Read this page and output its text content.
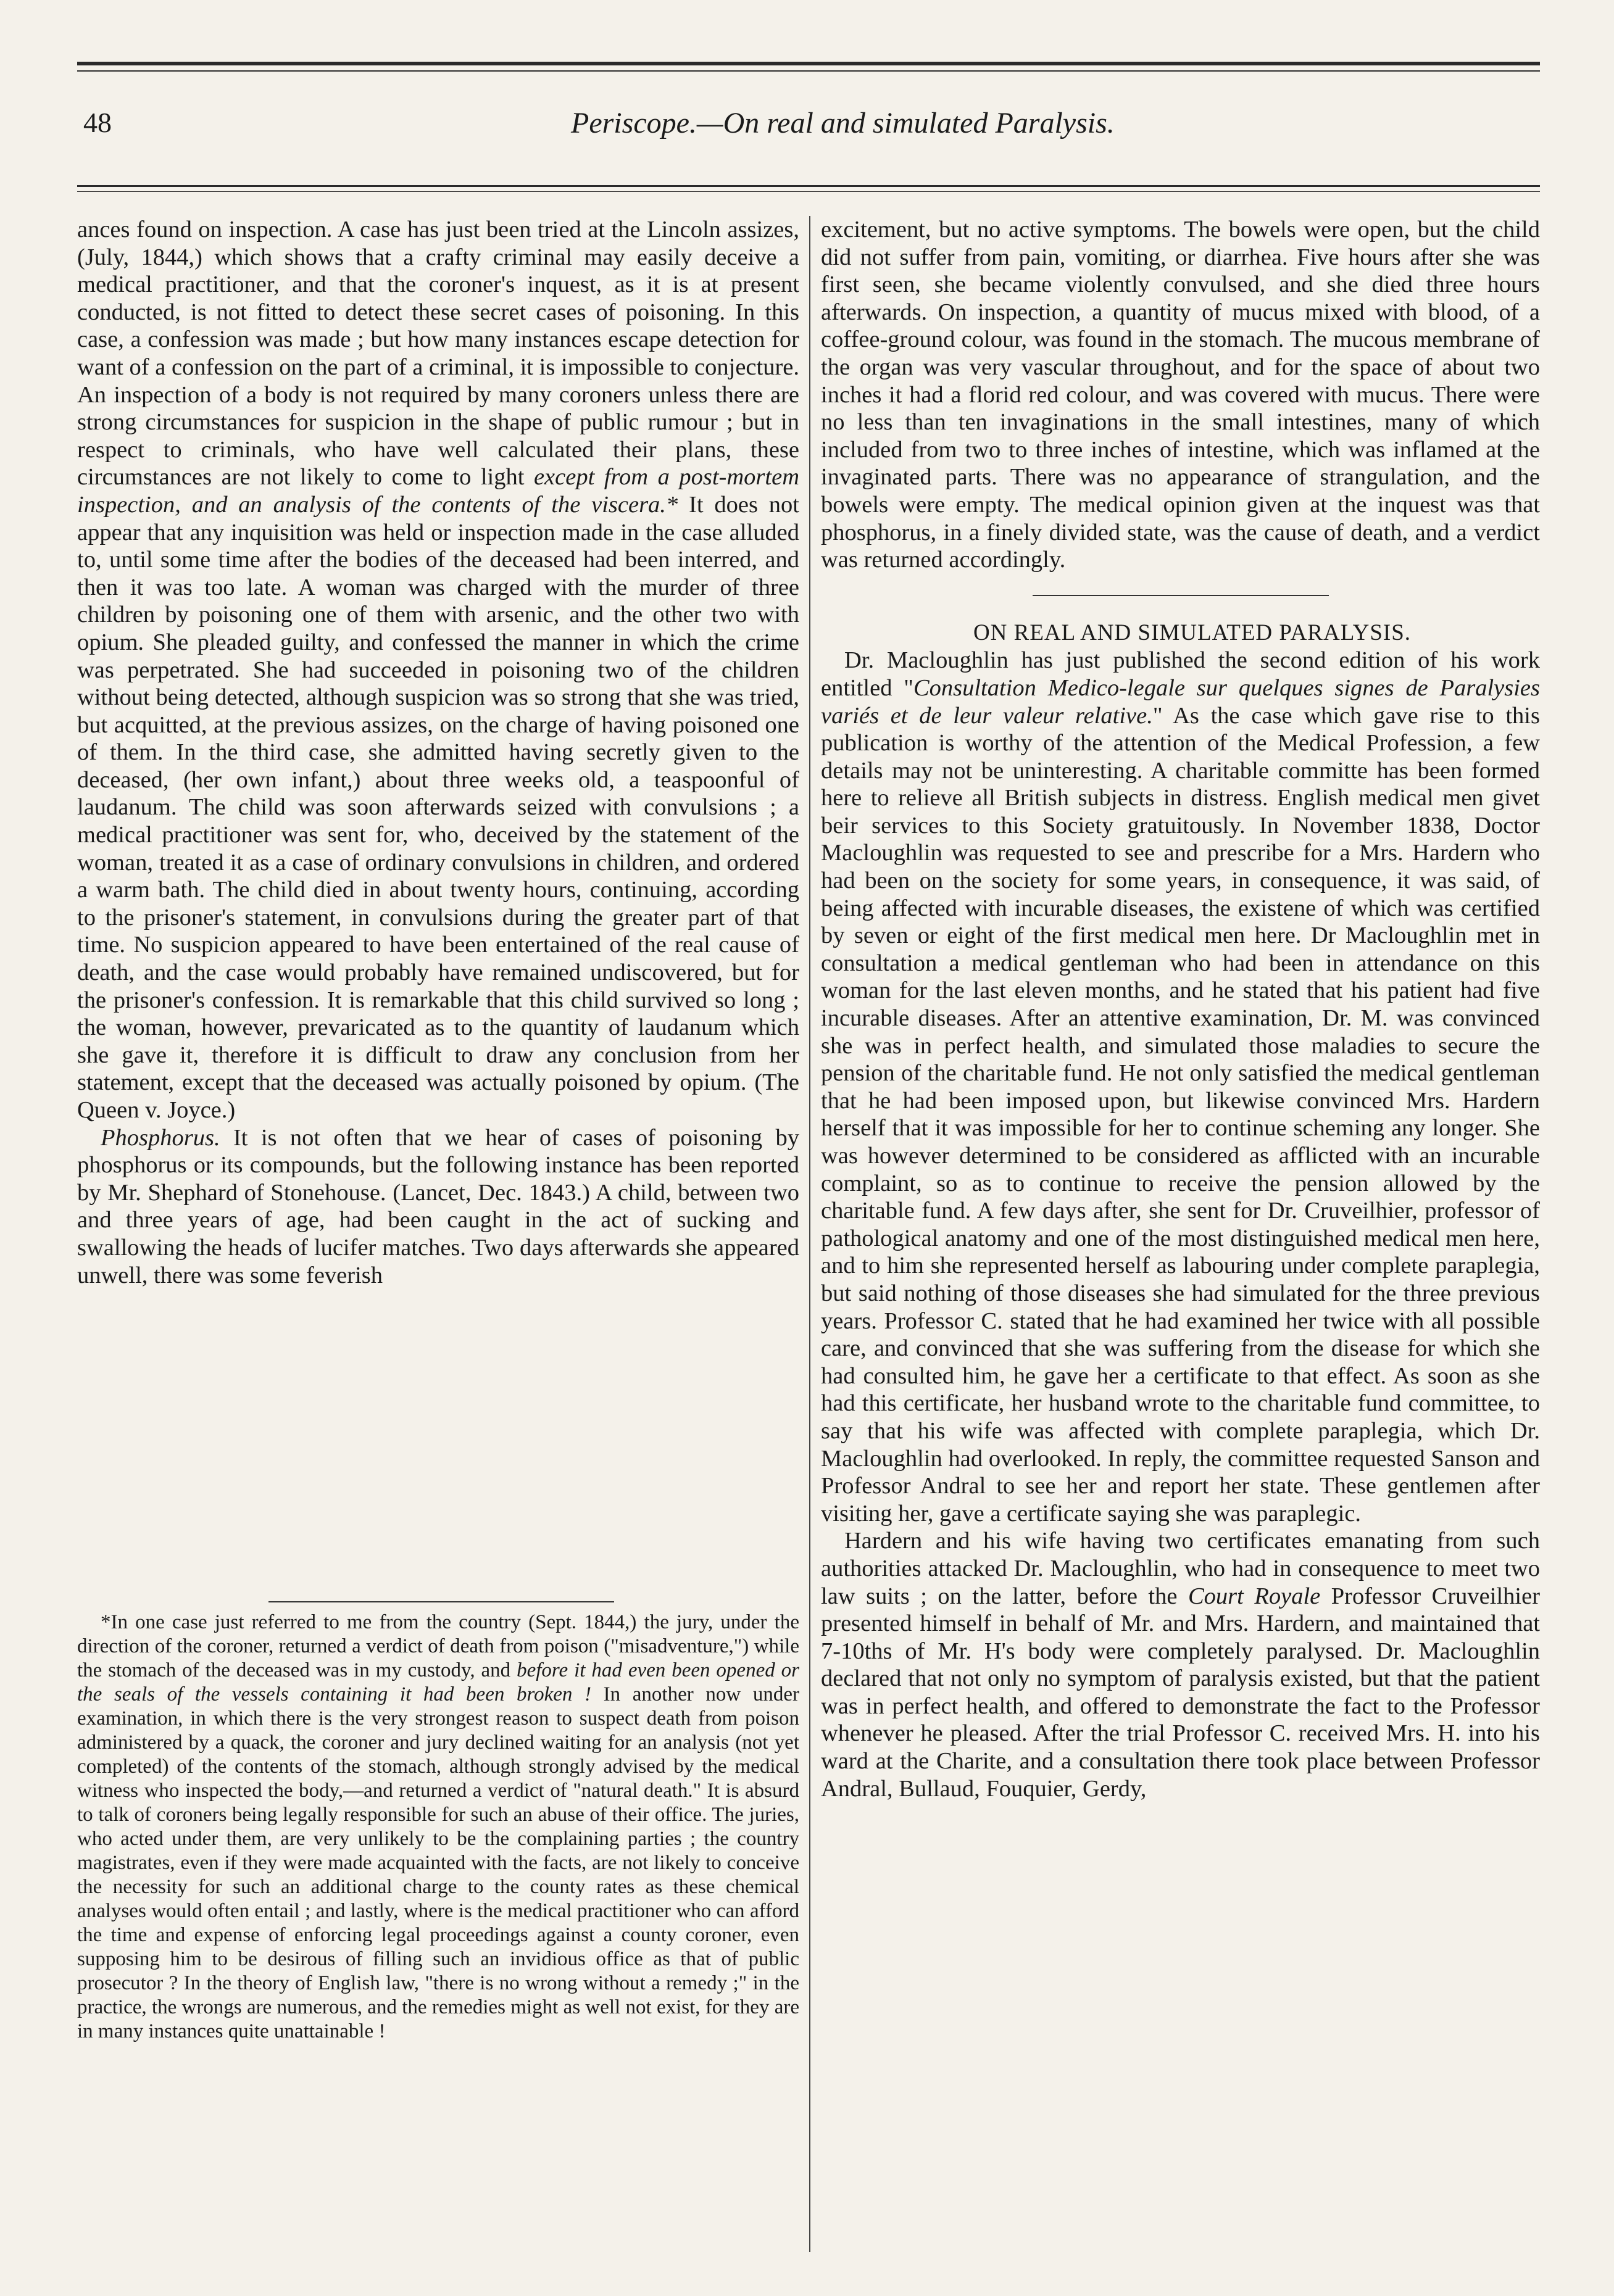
48	Periscope.—On real and simulated Paralysis.

ances found on inspection. A case has just been tried at the Lincoln assizes, (July, 1844,) which shows that a crafty criminal may easily deceive a medical practitioner, and that the coroner's inquest, as it is at present conducted, is not fitted to detect these secret cases of poisoning. In this case, a confession was made ; but how many instances escape detection for want of a confession on the part of a criminal, it is impossible to conjecture. An inspection of a body is not required by many coroners unless there are strong circumstances for suspicion in the shape of public rumour ; but in respect to criminals, who have well calculated their plans, these circumstances are not likely to come to light except from a post-mortem inspection, and an analysis of the contents of the viscera.* It does not appear that any inquisition was held or inspection made in the case alluded to, until some time after the bodies of the deceased had been interred, and then it was too late. A woman was charged with the murder of three children by poisoning one of them with arsenic, and the other two with opium. She pleaded guilty, and confessed the manner in which the crime was perpetrated. She had succeeded in poisoning two of the children without being detected, although suspicion was so strong that she was tried, but acquitted, at the previous assizes, on the charge of having poisoned one of them. In the third case, she admitted having secretly given to the deceased, (her own infant,) about three weeks old, a teaspoonful of laudanum. The child was soon afterwards seized with convulsions ; a medical practitioner was sent for, who, deceived by the statement of the woman, treated it as a case of ordinary convulsions in children, and ordered a warm bath. The child died in about twenty hours, continuing, according to the prisoner's statement, in convulsions during the greater part of that time. No suspicion appeared to have been entertained of the real cause of death, and the case would probably have remained undiscovered, but for the prisoner's confession. It is remarkable that this child survived so long ; the woman, however, prevaricated as to the quantity of laudanum which she gave it, therefore it is difficult to draw any conclusion from her statement, except that the deceased was actually poisoned by opium. (The Queen v. Joyce.)

Phosphorus. It is not often that we hear of cases of poisoning by phosphorus or its compounds, but the following instance has been reported by Mr. Shephard of Stonehouse. (Lancet, Dec. 1843.) A child, between two and three years of age, had been caught in the act of sucking and swallowing the heads of lucifer matches. Two days afterwards she appeared unwell, there was some feverish

*In one case just referred to me from the country (Sept. 1844,) the jury, under the direction of the coroner, returned a verdict of death from poison ("misadventure,") while the stomach of the deceased was in my custody, and before it had even been opened or the seals of the vessels containing it had been broken ! In another now under examination, in which there is the very strongest reason to suspect death from poison administered by a quack, the coroner and jury declined waiting for an analysis (not yet completed) of the contents of the stomach, although strongly advised by the medical witness who inspected the body,—and returned a verdict of "natural death." It is absurd to talk of coroners being legally responsible for such an abuse of their office. The juries, who acted under them, are very unlikely to be the complaining parties ; the country magistrates, even if they were made acquainted with the facts, are not likely to conceive the necessity for such an additional charge to the county rates as these chemical analyses would often entail ; and lastly, where is the medical practitioner who can afford the time and expense of enforcing legal proceedings against a county coroner, even supposing him to be desirous of filling such an invidious office as that of public prosecutor ? In the theory of English law, "there is no wrong without a remedy ;" in the practice, the wrongs are numerous, and the remedies might as well not exist, for they are in many instances quite unattainable !

excitement, but no active symptoms. The bowels were open, but the child did not suffer from pain, vomiting, or diarrhea. Five hours after she was first seen, she became violently convulsed, and she died three hours afterwards. On inspection, a quantity of mucus mixed with blood, of a coffee-ground colour, was found in the stomach. The mucous membrane of the organ was very vascular throughout, and for the space of about two inches it had a florid red colour, and was covered with mucus. There were no less than ten invaginations in the small intestines, many of which included from two to three inches of intestine, which was inflamed at the invaginated parts. There was no appearance of strangulation, and the bowels were empty. The medical opinion given at the inquest was that phosphorus, in a finely divided state, was the cause of death, and a verdict was returned accordingly.

ON REAL AND SIMULATED PARALYSIS.

Dr. Macloughlin has just published the second edition of his work entitled "Consultation Medico-legale sur quelques signes de Paralysies variés et de leur valeur relative." As the case which gave rise to this publication is worthy of the attention of the Medical Profession, a few details may not be uninteresting. A charitable committe has been formed here to relieve all British subjects in distress. English medical men givet beir services to this Society gratuitously. In November 1838, Doctor Macloughlin was requested to see and prescribe for a Mrs. Hardern who had been on the society for some years, in consequence, it was said, of being affected with incurable diseases, the existene of which was certified by seven or eight of the first medical men here. Dr Macloughlin met in consultation a medical gentleman who had been in attendance on this woman for the last eleven months, and he stated that his patient had five incurable diseases. After an attentive examination, Dr. M. was convinced she was in perfect health, and simulated those maladies to secure the pension of the charitable fund. He not only satisfied the medical gentleman that he had been imposed upon, but likewise convinced Mrs. Hardern herself that it was impossible for her to continue scheming any longer. She was however determined to be considered as afflicted with an incurable complaint, so as to continue to receive the pension allowed by the charitable fund. A few days after, she sent for Dr. Cruveilhier, professor of pathological anatomy and one of the most distinguished medical men here, and to him she represented herself as labouring under complete paraplegia, but said nothing of those diseases she had simulated for the three previous years. Professor C. stated that he had examined her twice with all possible care, and convinced that she was suffering from the disease for which she had consulted him, he gave her a certificate to that effect. As soon as she had this certificate, her husband wrote to the charitable fund committee, to say that his wife was affected with complete paraplegia, which Dr. Macloughlin had overlooked. In reply, the committee requested Sanson and Professor Andral to see her and report her state. These gentlemen after visiting her, gave a certificate saying she was paraplegic.

Hardern and his wife having two certificates emanating from such authorities attacked Dr. Macloughlin, who had in consequence to meet two law suits ; on the latter, before the Court Royale Professor Cruveilhier presented himself in behalf of Mr. and Mrs. Hardern, and maintained that 7-10ths of Mr. H's body were completely paralysed. Dr. Macloughlin declared that not only no symptom of paralysis existed, but that the patient was in perfect health, and offered to demonstrate the fact to the Professor whenever he pleased. After the trial Professor C. received Mrs. H. into his ward at the Charite, and a consultation there took place between Professor Andral, Bullaud, Fouquier, Gerdy,
